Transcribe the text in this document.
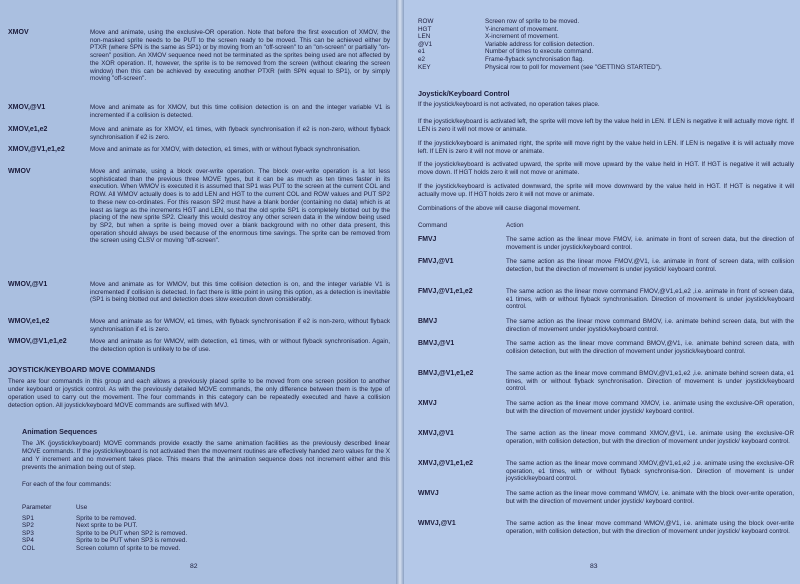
XMOV	Move and animate, using the exclusive-OR operation. Note that before the first execution of XMOV, the non-masked sprite needs to be PUT to the screen ready to be moved. This can be achieved either by PTXR (where SPN is the same as SP1) or by moving from an "off-screen" to an "on-screen" or partially "on-screen" position. An XMOV sequence need not be terminated as the sprites being used are not affected by the XOR operation. If, however, the sprite is to be removed from the screen (without clearing the screen window) then this can be achieved by executing another PTXR (with SPN equal to SP1), or by simply moving "off-screen".
XMOV,@V1	Move and animate as for XMOV, but this time collision detection is on and the integer variable V1 is incremented if a collision is detected.
XMOV,e1,e2	Move and animate as for XMOV, e1 times, with flyback synchronisation if e2 is non-zero, without flyback synchronisation if e2 is zero.
XMOV,@V1,e1,e2	Move and animate as for XMOV, with detection, e1 times, with or without flyback synchronisation.
WMOV	Move and animate, using a block over-write operation. The block over-write operation is a lot less sophisticated than the previous three MOVE types, but it can be as much as ten times faster in its execution. When WMOV is executed it is assumed that SP1 was PUT to the screen at the current COL and ROW. All WMOV actually does is to add LEN and HGT to the current COL and ROW values and PUT SP2 to these new co-ordinates. For this reason SP2 must have a blank border (containing no data) which is at least as large as the increments HGT and LEN, so that the old sprite SP1 is completely blotted out by the placing of the new sprite SP2. Clearly this would destroy any other screen data in the window being used by SP2, but when a sprite is being moved over a blank background with no other data present, this operation should always be used because of the enormous time savings. The sprite can be removed from the screen using CLSV or moving "off-screen".
WMOV,@V1	Move and animate as for WMOV, but this time collision detection is on, and the integer variable V1 is incremented if collision is detected. In fact there is little point in using this option, as a detection is inevitable (SP1 is being blotted out and detection does slow execution down considerably.
WMOV,e1,e2	Move and animate as for WMOV, e1 times, with flyback synchronisation if e2 is non-zero, without flyback synchronisation if e1 is zero.
WMOV,@V1,e1,e2	Move and animate as for WMOV, with detection, e1 times, with or without flyback synchronisation. Again, the detection option is unlikely to be of use.
JOYSTICK/KEYBOARD MOVE COMMANDS
There are four commands in this group and each allows a previously placed sprite to be moved from one screen position to another under keyboard or joystick control. As with the previously detailed MOVE commands, the only difference between them is the type of operation used to carry out the movement. The four commands in this category can be repeatedly executed and have a collision detection option. All joystick/keyboard MOVE commands are suffixed with MVJ.
Animation Sequences
The J/K (joystick/keyboard) MOVE commands provide exactly the same animation facilities as the previously described linear MOVE commands. If the joystick/keyboard is not activated then the movement routines are effectively handed zero values for the X and Y increment and no movement takes place. This means that the animation sequence does not increment either and this prevents the animation being out of step.
For each of the four commands:
Parameter	Use
SP1	Sprite to be removed.
SP2	Next sprite to be PUT.
SP3	Sprite to be PUT when SP2 is removed.
SP4	Sprite to be PUT when SP3 is removed.
COL	Screen column of sprite to be moved.
82
ROW	Screen row of sprite to be moved.
HGT	Y-increment of movement.
LEN	X-increment of movement.
@V1	Variable address for collision detection.
e1	Number of times to execute command.
e2	Frame-flyback synchronisation flag.
KEY	Physical row to poll for movement (see "GETTING STARTED").
Joystick/Keyboard Control
If the joystick/keyboard is not activated, no operation takes place.
If the joystick/keyboard is activated left, the sprite will move left by the value held in LEN. If LEN is negative it will actually move right. If LEN is zero it will not move or animate.
If the joystick/keyboard is animated right, the sprite will move right by the value held in LEN. If LEN is negative it is will actually move left. If LEN is zero it will not move or animate.
If the joystick/keyboard is activated upward, the sprite will move upward by the value held in HGT. If HGT is negative it will actually move down. If HGT holds zero it will not move or animate.
If the joystick/keyboard is activated downward, the sprite will move downward by the value held in HGT. If HGT is negative it will actually move up. If HGT holds zero it will not move or animate.
Combinations of the above will cause diagonal movement.
Command	Action
FMVJ	The same action as the linear move FMOV, i.e. animate in front of screen data, but the direction of movement is under joystick/keyboard control.
FMVJ,@V1	The same action as the linear move FMOV,@V1, i.e. animate in front of screen data, with collision detection, but the direction of movement is under joystick/ keyboard control.
FMVJ,@V1,e1,e2	The same action as the linear move command FMOV,@V1,e1,e2 ,i.e. animate in front of screen data, e1 times, with or without flyback synchronisation. Direction of movement is under joystick/keyboard control.
BMVJ	The same action as the linear move command BMOV, i.e. animate behind screen data, but with the direction of movement under joystick/keyboard control.
BMVJ,@V1	The same action as the linear move command BMOV,@V1, i.e. animate behind screen data, with collision detection, but with the direction of movement under joystick/keyboard control.
BMVJ,@V1,e1,e2	The same action as the linear move command BMOV,@V1,e1,e2 ,i.e. animate behind screen data, e1 times, with or without flyback synchronisation. Direction of movement is under joystick/keyboard control.
XMVJ	The same action as the linear move command XMOV, i.e. animate using the exclusive-OR operation, but with the direction of movement under joystick/ keyboard control.
XMVJ,@V1	The same action as the linear move command XMOV,@V1, i.e. animate using the exclusive-OR operation, with collision detection, but with the direction of movement under joystick/ keyboard control.
XMVJ,@V1,e1,e2	The same action as the linear move command XMOV,@V1,e1,e2 ,i.e. animate using the exclusive-OR operation, e1 times, with or without flyback synchronisa-tion. Direction of movement is under joystick/keyboard control.
WMVJ	The same action as the linear move command WMOV, i.e. animate with the block over-write operation, but with the direction of movement under joystick/ keyboard control.
WMVJ,@V1	The same action as the linear move command WMOV,@V1, i.e. animate using the block over-write operation, with collision detection, but with the direction of movement under joystick/ keyboard control.
83
